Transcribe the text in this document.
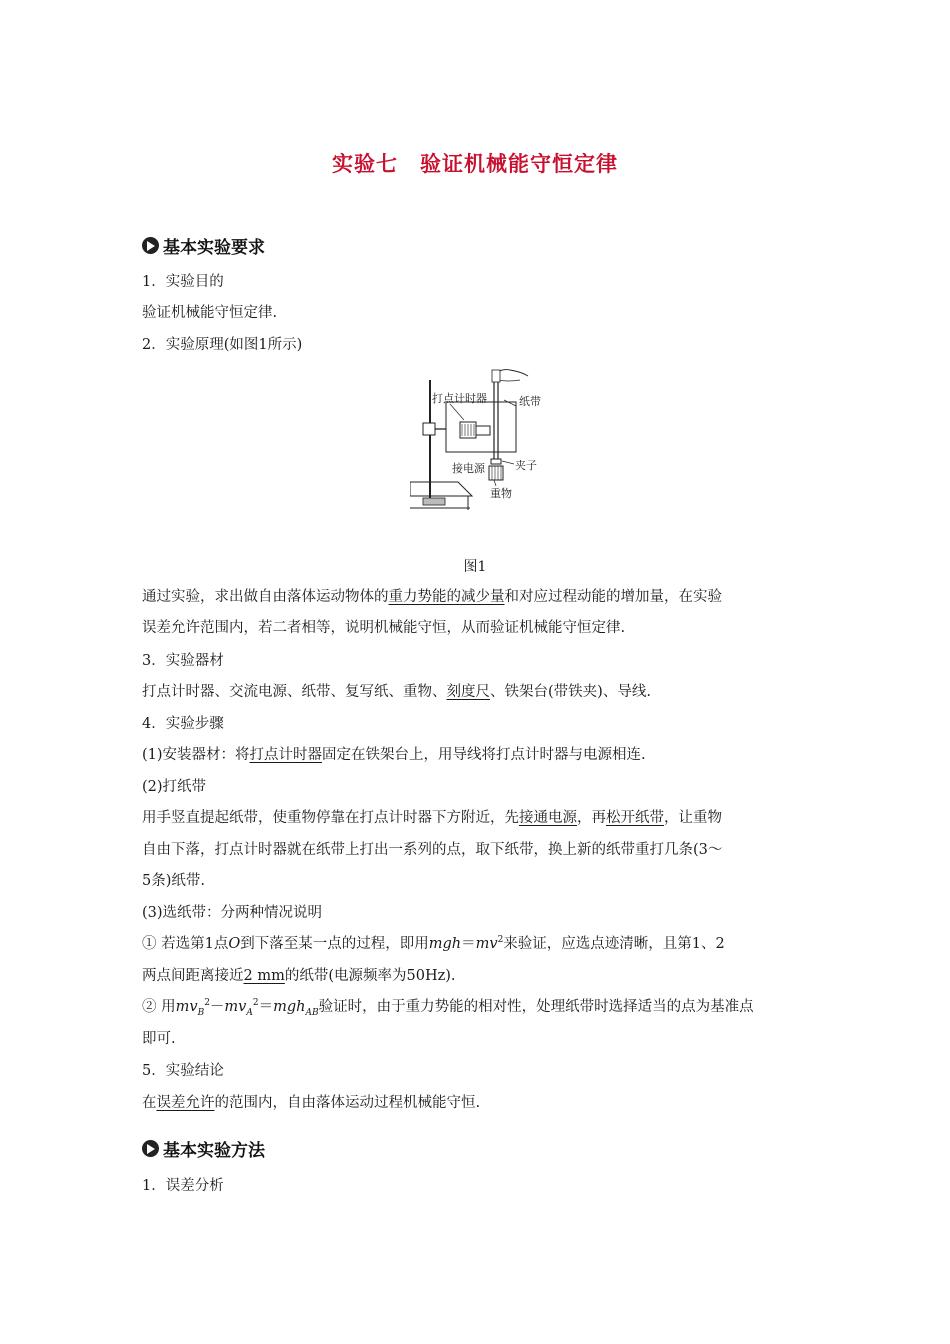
实验七　验证机械能守恒定律
基本实验要求
1．实验目的
验证机械能守恒定律.
2．实验原理(如图1所示)
打点计时器	纸带
接电源	夹子
重物
图1
通过实验，求出做自由落体运动物体的重力势能的减少量和对应过程动能的增加量，在实验
误差允许范围内，若二者相等，说明机械能守恒，从而验证机械能守恒定律.
3．实验器材
打点计时器、交流电源、纸带、复写纸、重物、刻度尺、铁架台(带铁夹)、导线.
4．实验步骤
(1)安装器材：将打点计时器固定在铁架台上，用导线将打点计时器与电源相连.
(2)打纸带
用手竖直提起纸带，使重物停靠在打点计时器下方附近，先接通电源，再松开纸带，让重物
自由下落，打点计时器就在纸带上打出一系列的点，取下纸带，换上新的纸带重打几条(3～
5条)纸带.
(3)选纸带：分两种情况说明
① 若选第1点O到下落至某一点的过程，即用$mgh=mv^2$来验证，应选点迹清晰，且第1、2
两点间距离接近2 mm的纸带(电源频率为50Hz).
② 用$mv_B^2-mv_A^2=mgh_{AB}$验证时，由于重力势能的相对性，处理纸带时选择适当的点为基准点
即可.
5．实验结论
在误差允许的范围内，自由落体运动过程机械能守恒.
基本实验方法
1．误差分析
